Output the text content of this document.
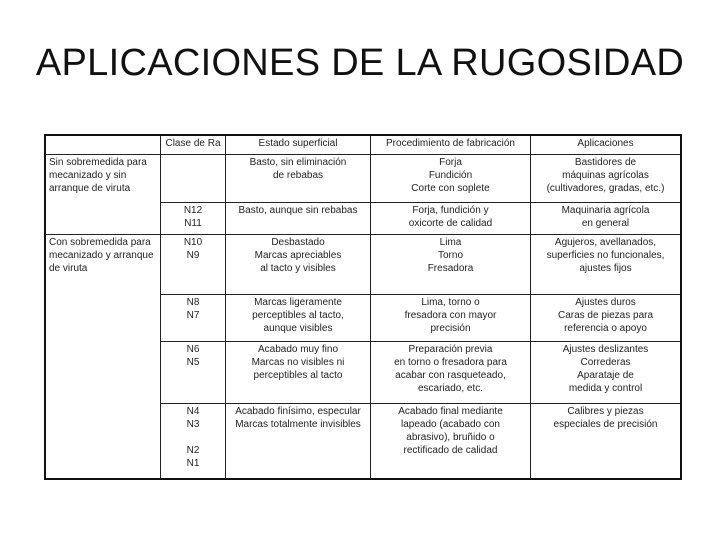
APLICACIONES DE LA RUGOSIDAD
	Clase de Ra	Estado superficial	Procedimiento de fabricación	Aplicaciones
Sin sobremedida para mecanizado y sin arranque de viruta		Basto, sin eliminación
de rebabas	Forja
Fundición
Corte con soplete	Bastidores de
máquinas agrícolas
(cultivadores, gradas, etc.)

	N12
N11	Basto, aunque sin rebabas	Forja, fundición y
oxicorte de calidad	Maquinaria agrícola
en general

Con sobremedida para mecanizado y arranque de viruta	N10
N9	Desbastado
Marcas apreciables
al tacto y visibles	Lima
Torno
Fresadora	Agujeros, avellanados,
superficies no funcionales,
ajustes fijos

	N8
N7	Marcas ligeramente
perceptibles al tacto,
aunque visibles	Lima, torno o
fresadora con mayor
precisión	Ajustes duros
Caras de piezas para
referencia o apoyo

	N6
N5	Acabado muy fino
Marcas no visibles ni
perceptibles al tacto	Preparación previa
en torno o fresadora para
acabar con rasqueteado,
escariado, etc.	Ajustes deslizantes
Correderas
Aparataje de
medida y control

	N4
N3
N2
N1	Acabado finísimo, especular
Marcas totalmente invisibles	Acabado final mediante
lapeado (acabado con
abrasivo), bruñido o
rectificado de calidad	Calibres y piezas
especiales de precisión
